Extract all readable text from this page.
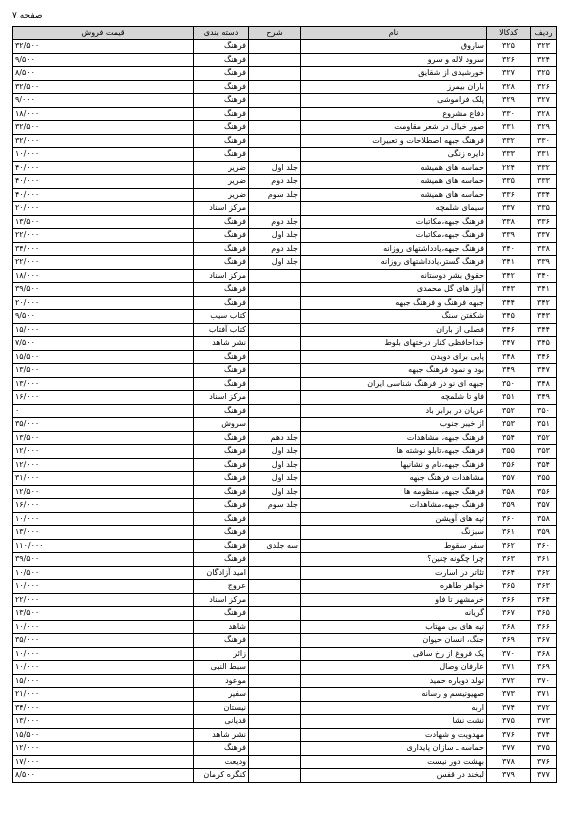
صفحه ۷
ردیف	کدکالا	نام	شرح	دسته بندی	قیمت فروش
۳۲۳	۳۲۵	ساروق		فرهنگ	۳۲/۵۰۰
۳۲۴	۳۲۶	سرود لاله و سرو		فرهنگ	۹/۵۰۰
۳۲۵	۳۲۷	خورشیدی از شقایق		فرهنگ	۸/۵۰۰
۳۲۶	۳۲۸	باران بیمرز		فرهنگ	۳۲/۵۰۰
۳۲۷	۳۲۹	پلک فراموشی		فرهنگ	۹/۰۰۰
۳۲۸	۳۳۰	دفاع مشروع		فرهنگ	۱۸/۰۰۰
۳۲۹	۳۳۱	صور خیال در شعر مقاومت		فرهنگ	۳۲/۵۰۰
۳۳۰	۳۳۲	فرهنگ جبهه اصطلاحات و تعبیرات		فرهنگ	۳۲/۰۰۰
۳۳۱	۳۳۳	دایره زنگی		فرهنگ	۱۰/۰۰۰
۳۳۲	۲۲۴	حماسه های همیشه	جلد اول	ضریر	۴۰/۰۰۰
۳۳۳	۳۳۵	حماسه های همیشه	جلد دوم	ضریر	۴۰/۰۰۰
۳۳۴	۳۳۶	حماسه های همیشه	جلد سوم	ضریر	۴۰/۰۰۰
۳۳۵	۳۳۷	سیمای شلمچه		مرکز اسناد	۲۰/۰۰۰
۳۳۶	۳۳۸	فرهنگ جبهه،مکاتبات	جلد دوم	فرهنگ	۱۳/۵۰۰
۳۳۷	۳۳۹	فرهنگ جبهه،مکاتبات	جلد اول	فرهنگ	۲۲/۰۰۰
۳۳۸	۳۴۰	فرهنگ جبهه،یادداشتهای روزانه	جلد دوم	فرهنگ	۳۴/۰۰۰
۳۳۹	۳۴۱	فرهنگ گستر،یادداشتهای روزانه	جلد اول	فرهنگ	۲۲/۰۰۰
۳۴۰	۳۴۲	حقوق بشر دوستانه		مرکز اسناد	۱۸/۰۰۰
۳۴۱	۳۴۳	آواز های گل محمدی		فرهنگ	۳۹/۵۰۰
۳۴۲	۳۴۴	جبهه فرهنگ و فرهنگ جبهه		فرهنگ	۲۰/۰۰۰
۳۴۳	۳۴۵	شکفتن سنگ		کتاب سیب	۹/۵۰۰
۳۴۴	۳۴۶	فصلی از باران		کتاب آفتاب	۱۵/۰۰۰
۳۴۵	۳۴۷	خداحافظی کنار درختهای بلوط		نشر شاهد	۷/۵۰۰
۳۴۶	۳۴۸	پایی برای دویدن		فرهنگ	۱۵/۵۰۰
۳۴۷	۳۴۹	بود و نمود فرهنگ جبهه		فرهنگ	۱۳/۵۰۰
۳۴۸	۳۵۰	جبهه ای نو در فرهنگ شناسی ایران		فرهنگ	۱۳/۰۰۰
۳۴۹	۳۵۱	فاو تا شلمچه		مرکز اسناد	۱۶/۰۰۰
۳۵۰	۳۵۲	عریان در برابر باد		فرهنگ	۰
۳۵۱	۳۵۳	از خیبر جنوب		سروش	۳۵/۰۰۰
۳۵۲	۳۵۴	فرهنگ جبهه، مشاهدات	جلد دهم	فرهنگ	۱۳/۵۰۰
۳۵۳	۳۵۵	فرهنگ جبهه،تابلو نوشته ها	جلد اول	فرهنگ	۱۲/۰۰۰
۳۵۴	۳۵۶	فرهنگ جبهه،نام و نشانیها	جلد اول	فرهنگ	۱۲/۰۰۰
۳۵۵	۳۵۷	مشاهدات فرهنگ جبهه	جلد اول	فرهنگ	۳۱/۰۰۰
۳۵۶	۳۵۸	فرهنگ جبهه، منظومه ها	جلد اول	فرهنگ	۱۲/۵۰۰
۳۵۷	۳۵۹	فرهنگ جبهه،مشاهدات	جلد سوم	فرهنگ	۱۶/۰۰۰
۳۵۸	۳۶۰	تپه های آویشن		فرهنگ	۱۰/۰۰۰
۳۵۹	۳۶۱	سبزنگ		فرهنگ	۱۳/۰۰۰
۳۶۰	۳۶۲	سفر سقوط	سه جلدی	فرهنگ	۱۱۰/۰۰۰
۳۶۱	۳۶۳	چرا چگونه چنین؟		فرهنگ	۳۹/۵۰۰
۳۶۲	۳۶۴	تئاتر در اسارت		امید آزادگان	۱۰/۵۰۰
۳۶۳	۳۶۵	خواهر طاهره		عروج	۱۰/۰۰۰
۳۶۴	۳۶۶	خرمشهر تا فاو		مرکز اسناد	۲۲/۰۰۰
۳۶۵	۳۶۷	گریانه		فرهنگ	۱۳/۵۰۰
۳۶۶	۳۶۸	تپه های بی مهتاب		شاهد	۱۰/۰۰۰
۳۶۷	۳۶۹	جنگ، انسان حیوان		فرهنگ	۳۵/۰۰۰
۳۶۸	۳۷۰	یک فروغ از رخ ساقی		زائر	۱۰/۰۰۰
۳۶۹	۳۷۱	عارفان وصال		سبط النبی	۱۰/۰۰۰
۳۷۰	۳۷۲	تولد دوباره حمید		موعود	۱۵/۰۰۰
۳۷۱	۳۷۳	صهیونیسم و رسانه		سفیر	۲۱/۰۰۰
۳۷۲	۳۷۴	اربه		نیستان	۳۴/۰۰۰
۳۷۳	۳۷۵	نشت نشا		قدیانی	۱۳/۰۰۰
۳۷۴	۳۷۶	مهدویت و شهادت		نشر شاهد	۱۵/۵۰۰
۳۷۵	۳۷۷	حماسه ـ سازان پایداری		فرهنگ	۱۲/۰۰۰
۳۷۶	۳۷۸	بهشت دور نیست		ودیعت	۱۷/۰۰۰
۳۷۷	۳۷۹	لبخند در قفس		کنگره کرمان	۸/۵۰۰
